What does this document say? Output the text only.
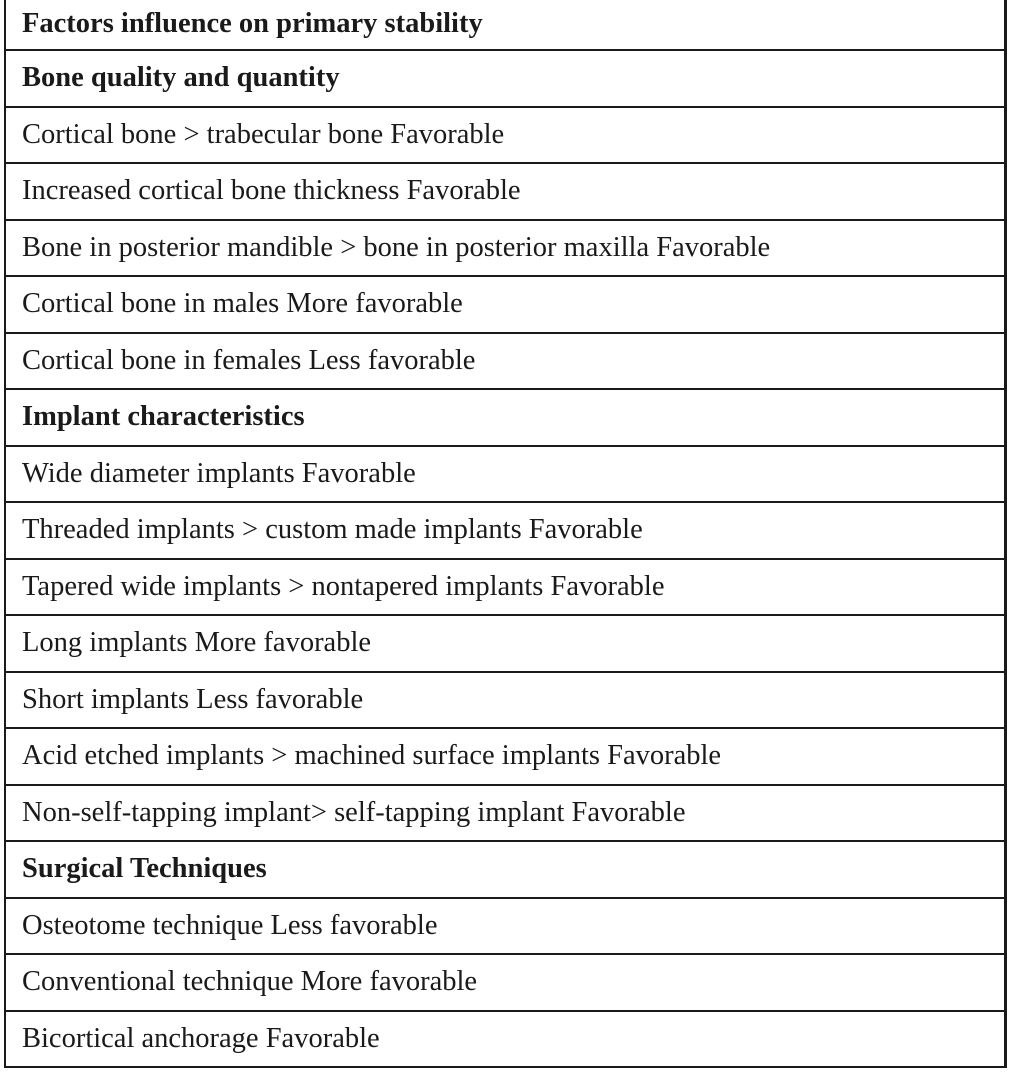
Factors influence on primary stability
Bone quality and quantity
Cortical bone > trabecular bone Favorable
Increased cortical bone thickness Favorable
Bone in posterior mandible > bone in posterior maxilla Favorable
Cortical bone in males More favorable
Cortical bone in females Less favorable
Implant characteristics
Wide diameter implants Favorable
Threaded implants > custom made implants Favorable
Tapered wide implants > nontapered implants Favorable
Long implants More favorable
Short implants Less favorable
Acid etched implants > machined surface implants Favorable
Non-self-tapping implant> self-tapping implant Favorable
Surgical Techniques
Osteotome technique Less favorable
Conventional technique More favorable
Bicortical anchorage Favorable
